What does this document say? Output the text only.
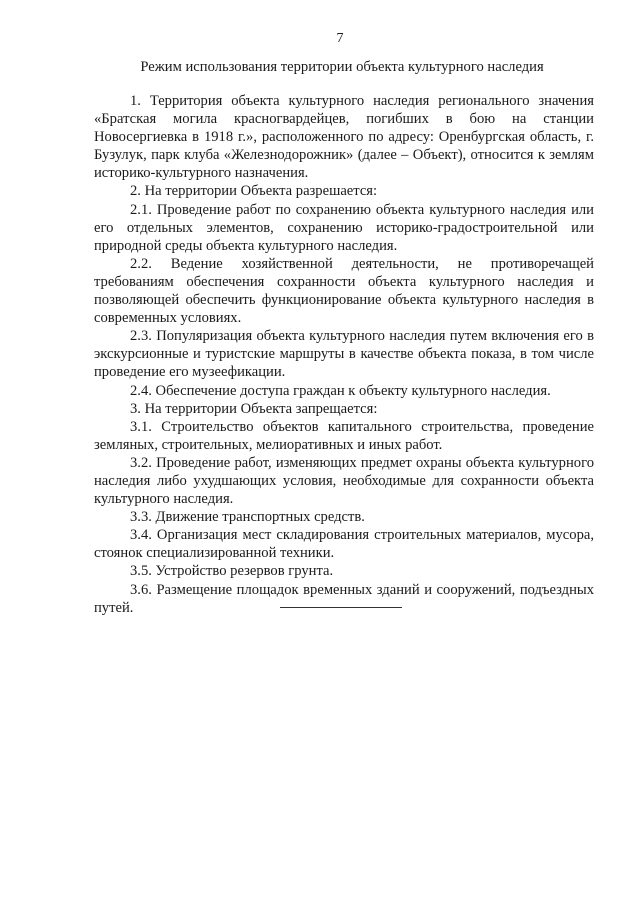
7
Режим использования территории объекта культурного наследия

1. Территория объекта культурного наследия регионального значения «Братская могила красногвардейцев, погибших в бою на станции Новосергиевка в 1918 г.», расположенного по адресу: Оренбургская область, г. Бузулук, парк клуба «Железнодорожник» (далее – Объект), относится к землям историко-культурного назначения.

2. На территории Объекта разрешается:

2.1. Проведение работ по сохранению объекта культурного наследия или его отдельных элементов, сохранению историко-градостроительной или природной среды объекта культурного наследия.

2.2. Ведение хозяйственной деятельности, не противоречащей требованиям обеспечения сохранности объекта культурного наследия и позволяющей обеспечить функционирование объекта культурного наследия в современных условиях.

2.3. Популяризация объекта культурного наследия путем включения его в экскурсионные и туристские маршруты в качестве объекта показа, в том числе проведение его музеефикации.

2.4. Обеспечение доступа граждан к объекту культурного наследия.

3. На территории Объекта запрещается:

3.1. Строительство объектов капитального строительства, проведение земляных, строительных, мелиоративных и иных работ.

3.2. Проведение работ, изменяющих предмет охраны объекта культурного наследия либо ухудшающих условия, необходимые для сохранности объекта культурного наследия.

3.3. Движение транспортных средств.

3.4. Организация мест складирования строительных материалов, мусора, стоянок специализированной техники.

3.5. Устройство резервов грунта.

3.6. Размещение площадок временных зданий и сооружений, подъездных путей.
